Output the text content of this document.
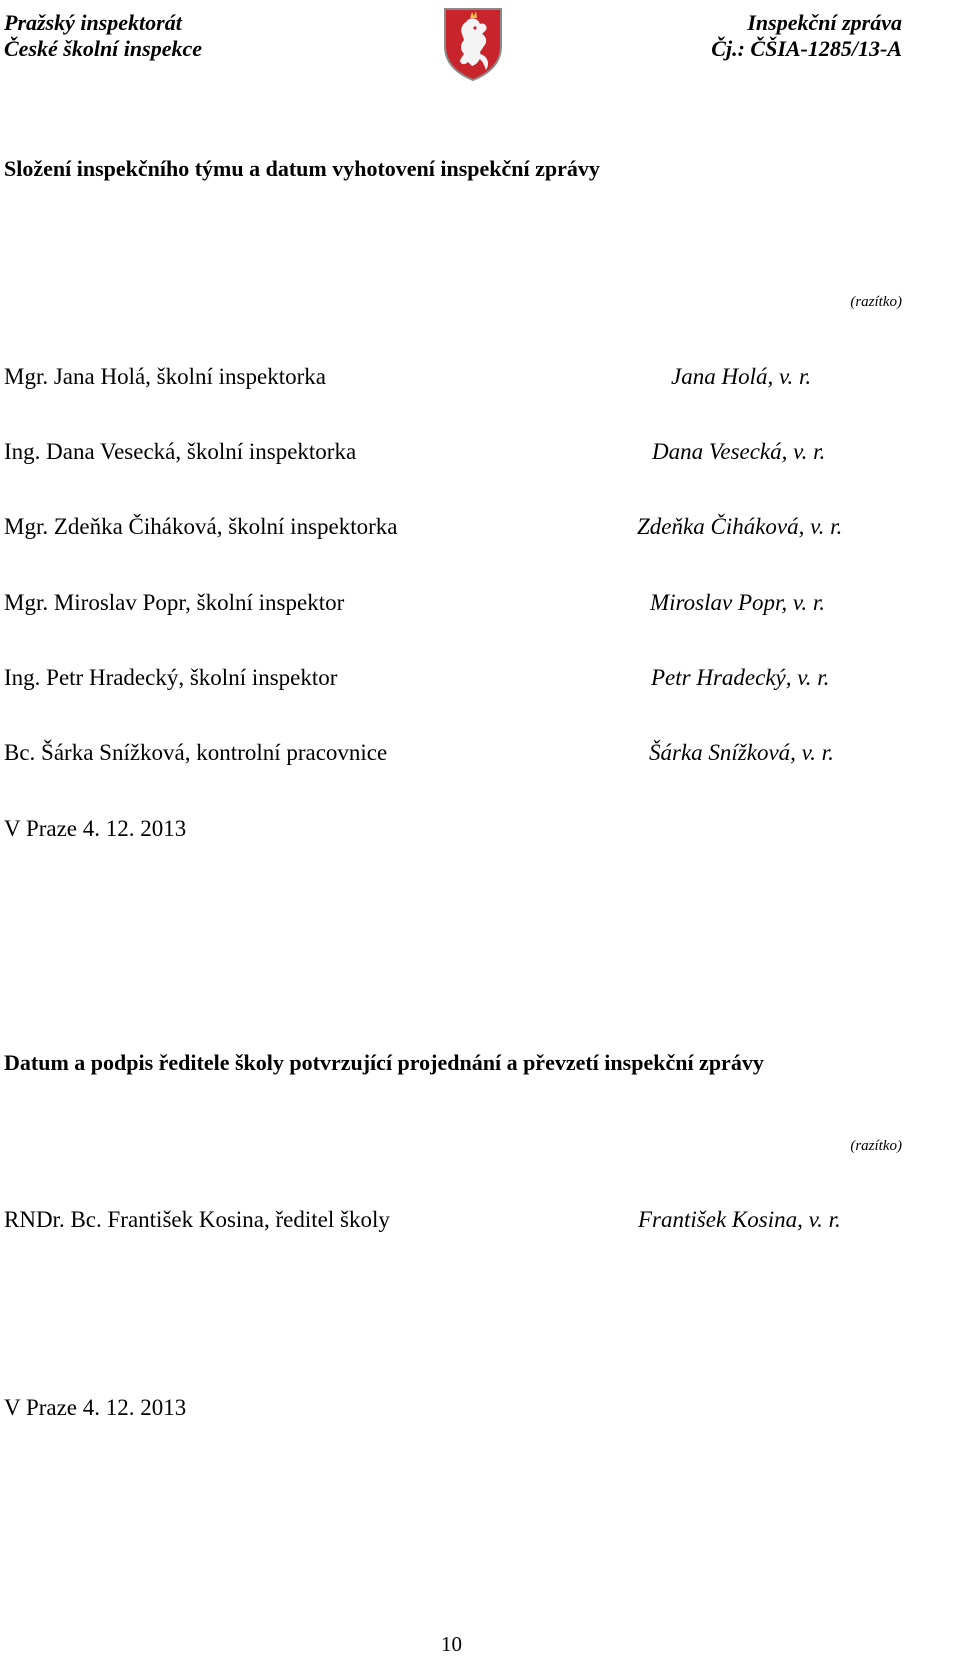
Pražský inspektorát
České školní inspekce
Inspekční zpráva
Čj.: ČŠIA-1285/13-A
Složení inspekčního týmu a datum vyhotovení inspekční zprávy
(razítko)
Mgr. Jana Holá, školní inspektorka	Jana Holá, v. r.
Ing. Dana Vesecká, školní inspektorka	Dana Vesecká, v. r.
Mgr. Zdeňka Čiháková, školní inspektorka	Zdeňka Čiháková, v. r.
Mgr. Miroslav Popr, školní inspektor	Miroslav Popr, v. r.
Ing. Petr Hradecký, školní inspektor	Petr Hradecký, v. r.
Bc. Šárka Snížková, kontrolní pracovnice	Šárka Snížková, v. r.
V Praze 4. 12. 2013
Datum a podpis ředitele školy potvrzující projednání a převzetí inspekční zprávy
(razítko)
RNDr. Bc. František Kosina, ředitel školy	František Kosina, v. r.
V Praze 4. 12. 2013
10
